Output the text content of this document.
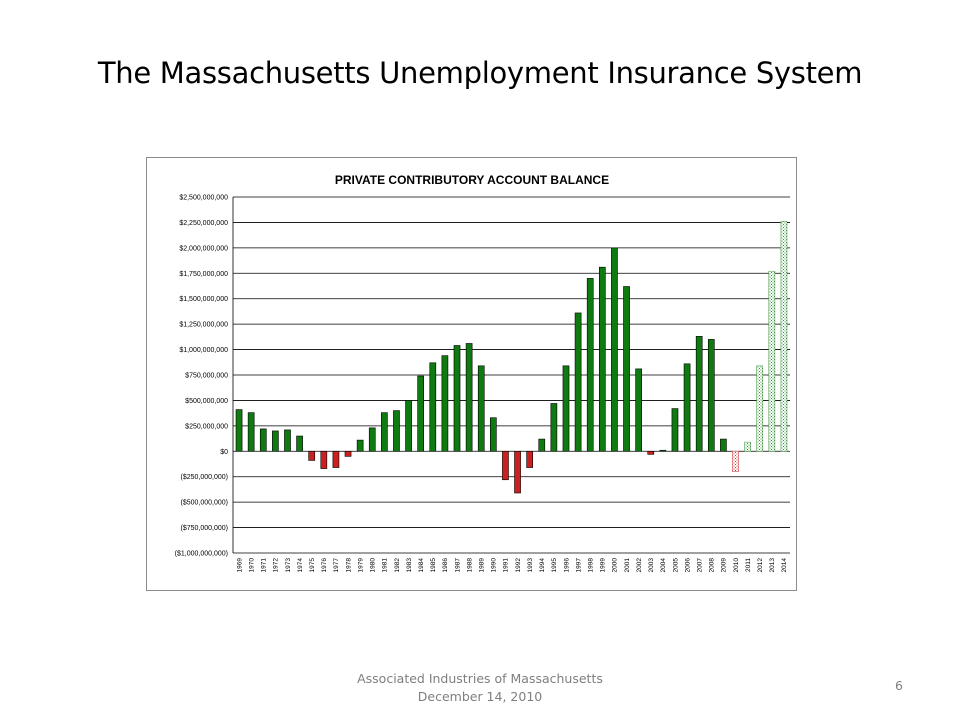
The Massachusetts Unemployment Insurance System
PRIVATE CONTRIBUTORY ACCOUNT BALANCE
$2,500,000,000
$2,250,000,000
$2,000,000,000
$1,750,000,000
$1,500,000,000
$1,250,000,000
$1,000,000,000
$750,000,000
$500,000,000
$250,000,000
$0
($250,000,000)
($500,000,000)
($750,000,000)
($1,000,000,000)
1969 1970 1971 1972 1973 1974 1975 1976 1977 1978 1979 1980 1981 1982 1983 1984 1985 1986 1987 1988 1989 1990 1991 1992 1993 1994 1995 1996 1997 1998 1999 2000 2001 2002 2003 2004 2005 2006 2007 2008 2009 2010 2011 2012 2013 2014
Associated Industries of Massachusetts
December 14, 2010
6
